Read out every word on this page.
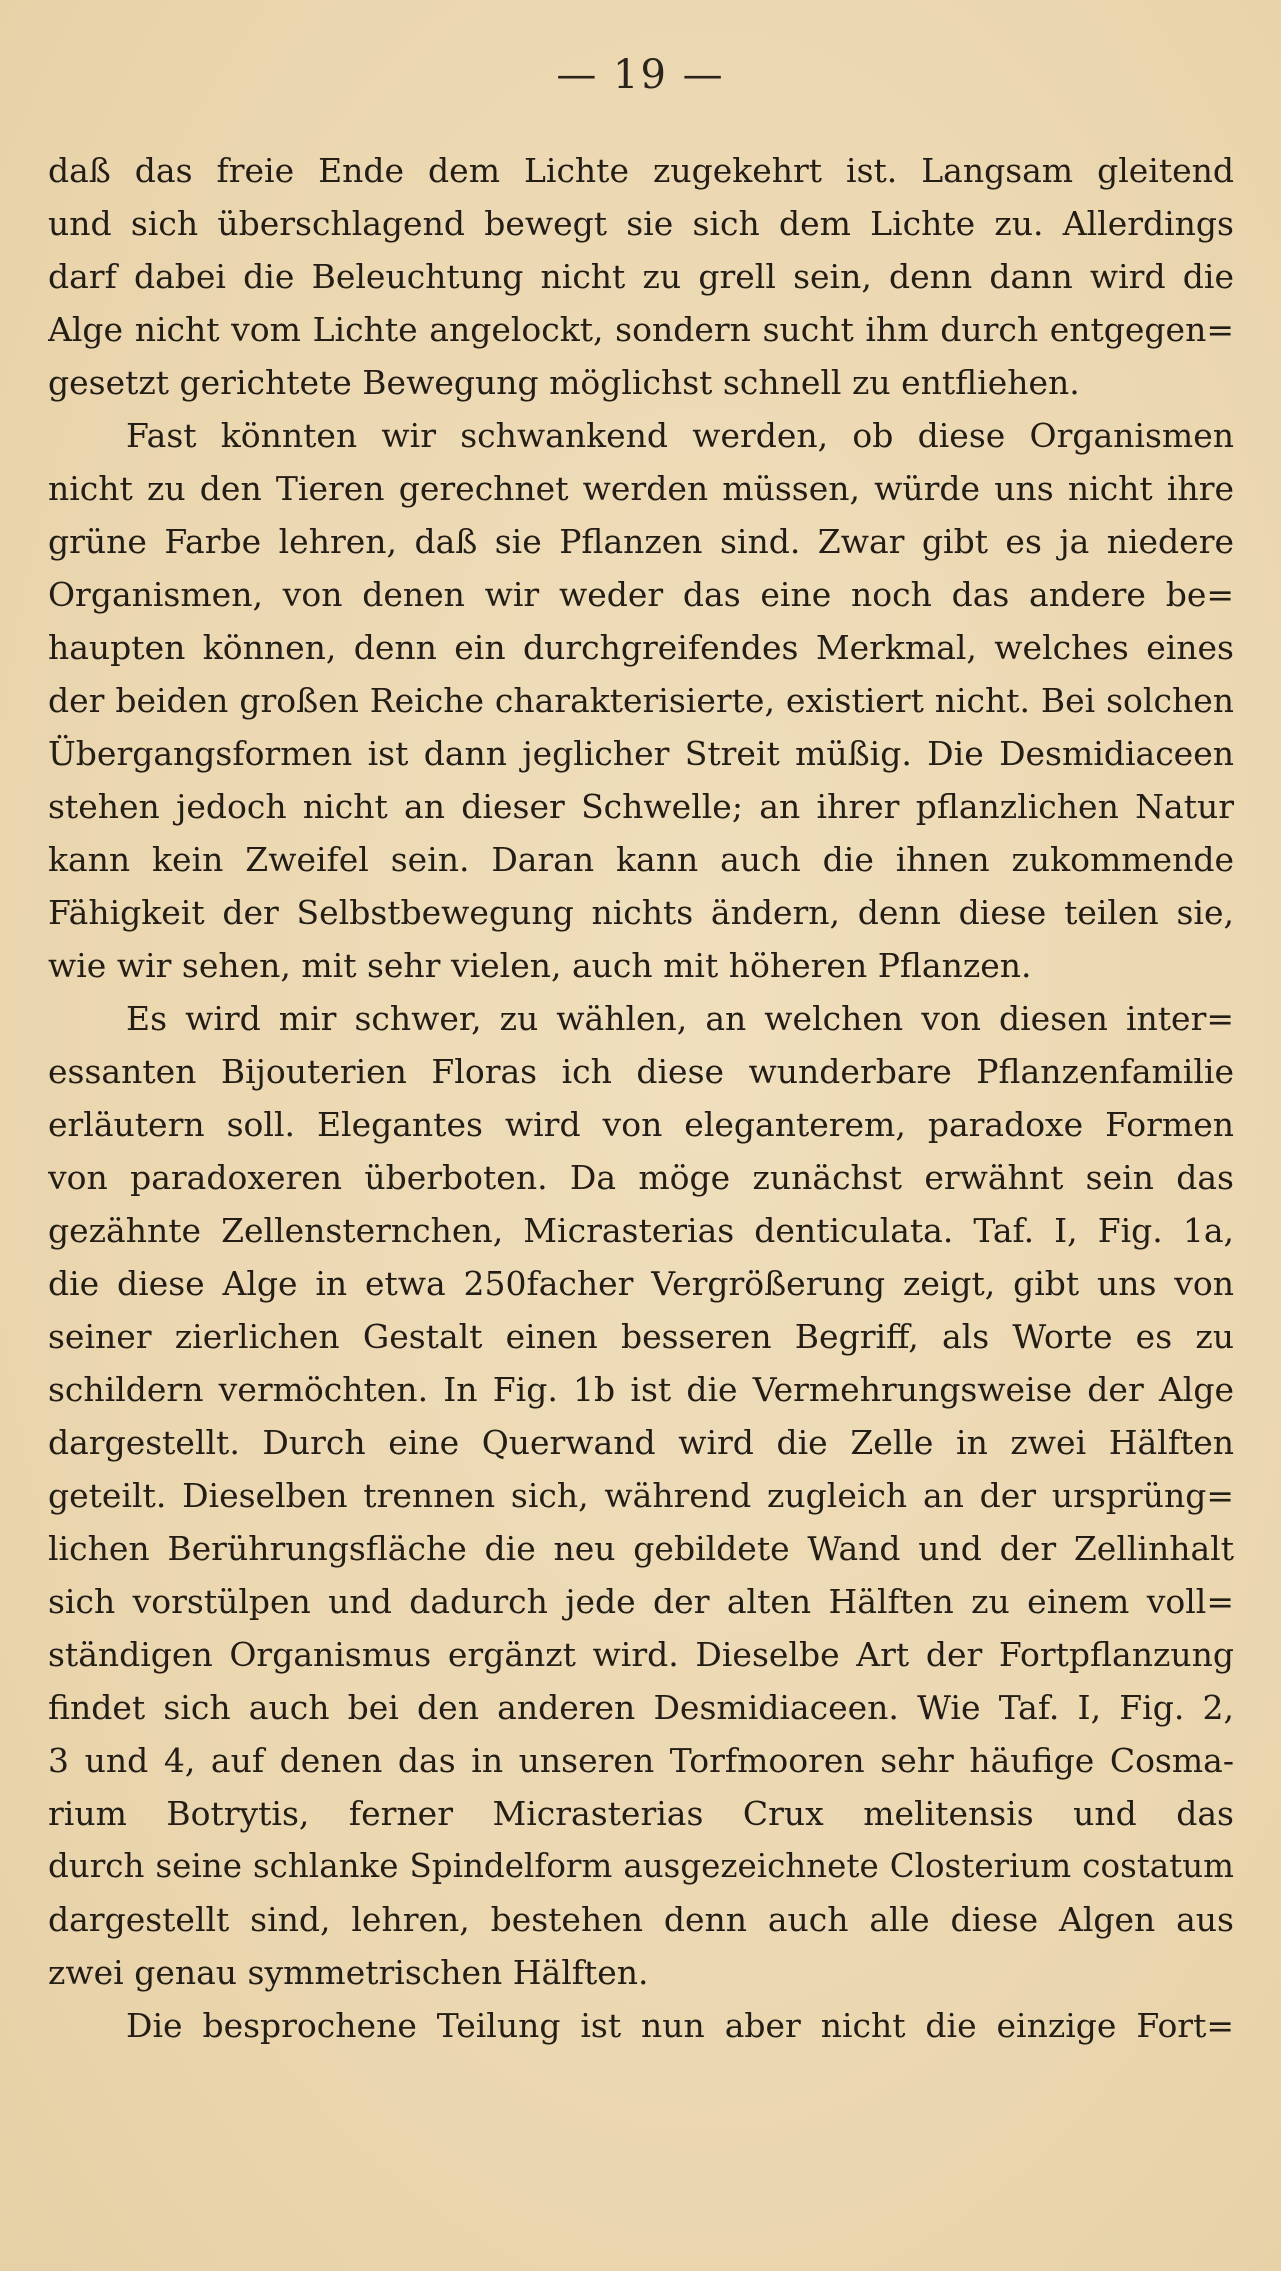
— 19 —
daß das freie Ende dem Lichte zugekehrt ist. Langsam gleitend
und sich überschlagend bewegt sie sich dem Lichte zu. Allerdings
darf dabei die Beleuchtung nicht zu grell sein, denn dann wird die
Alge nicht vom Lichte angelockt, sondern sucht ihm durch entgegen=
gesetzt gerichtete Bewegung möglichst schnell zu entfliehen.
Fast könnten wir schwankend werden, ob diese Organismen
nicht zu den Tieren gerechnet werden müssen, würde uns nicht ihre
grüne Farbe lehren, daß sie Pflanzen sind. Zwar gibt es ja niedere
Organismen, von denen wir weder das eine noch das andere be=
haupten können, denn ein durchgreifendes Merkmal, welches eines
der beiden großen Reiche charakterisierte, existiert nicht. Bei solchen
Übergangsformen ist dann jeglicher Streit müßig. Die Desmidiaceen
stehen jedoch nicht an dieser Schwelle; an ihrer pflanzlichen Natur
kann kein Zweifel sein. Daran kann auch die ihnen zukommende
Fähigkeit der Selbstbewegung nichts ändern, denn diese teilen sie,
wie wir sehen, mit sehr vielen, auch mit höheren Pflanzen.
Es wird mir schwer, zu wählen, an welchen von diesen inter=
essanten Bijouterien Floras ich diese wunderbare Pflanzenfamilie
erläutern soll. Elegantes wird von eleganterem, paradoxe Formen
von paradoxeren überboten. Da möge zunächst erwähnt sein das
gezähnte Zellensternchen, Micrasterias denticulata. Taf. I, Fig. 1a,
die diese Alge in etwa 250facher Vergrößerung zeigt, gibt uns von
seiner zierlichen Gestalt einen besseren Begriff, als Worte es zu
schildern vermöchten. In Fig. 1b ist die Vermehrungsweise der Alge
dargestellt. Durch eine Querwand wird die Zelle in zwei Hälften
geteilt. Dieselben trennen sich, während zugleich an der ursprüng=
lichen Berührungsfläche die neu gebildete Wand und der Zellinhalt
sich vorstülpen und dadurch jede der alten Hälften zu einem voll=
ständigen Organismus ergänzt wird. Dieselbe Art der Fortpflanzung
findet sich auch bei den anderen Desmidiaceen. Wie Taf. I, Fig. 2,
3 und 4, auf denen das in unseren Torfmooren sehr häufige Cosma-
rium Botrytis, ferner Micrasterias Crux melitensis und das
durch seine schlanke Spindelform ausgezeichnete Closterium costatum
dargestellt sind, lehren, bestehen denn auch alle diese Algen aus
zwei genau symmetrischen Hälften.
Die besprochene Teilung ist nun aber nicht die einzige Fort=
